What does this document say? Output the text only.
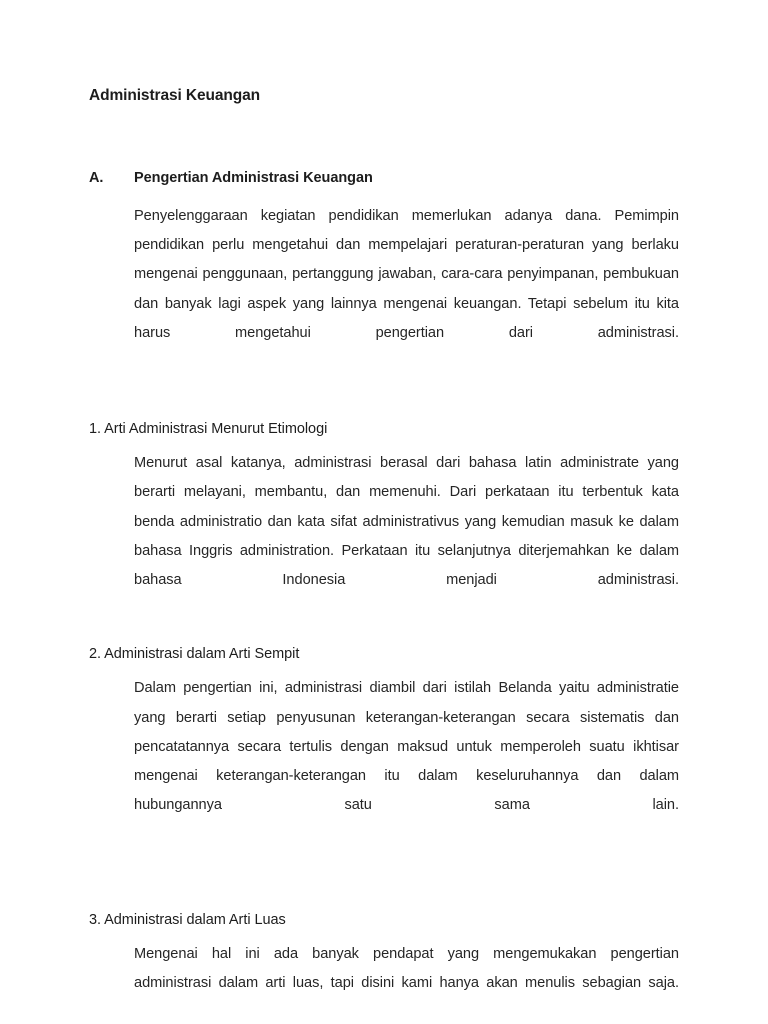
Administrasi Keuangan
A.	Pengertian Administrasi Keuangan

Penyelenggaraan kegiatan pendidikan memerlukan adanya dana. Pemimpin pendidikan perlu mengetahui dan mempelajari peraturan-peraturan yang berlaku mengenai penggunaan, pertanggung jawaban, cara-cara penyimpanan, pembukuan dan banyak lagi aspek yang lainnya mengenai keuangan. Tetapi sebelum itu kita harus mengetahui pengertian dari administrasi.

1. Arti Administrasi Menurut Etimologi

Menurut asal katanya, administrasi berasal dari bahasa latin administrate yang berarti melayani, membantu, dan memenuhi. Dari perkataan itu terbentuk kata benda administratio dan kata sifat administrativus yang kemudian masuk ke dalam bahasa Inggris administration. Perkataan itu selanjutnya diterjemahkan ke dalam bahasa Indonesia menjadi administrasi.

2. Administrasi dalam Arti Sempit

Dalam pengertian ini, administrasi diambil dari istilah Belanda yaitu administratie yang berarti setiap penyusunan keterangan-keterangan secara sistematis dan pencatatannya secara tertulis dengan maksud untuk memperoleh suatu ikhtisar mengenai keterangan-keterangan itu dalam keseluruhannya dan dalam hubungannya satu sama lain.

3. Administrasi dalam Arti Luas

Mengenai hal ini ada banyak pendapat yang mengemukakan pengertian administrasi dalam arti luas, tapi disini kami hanya akan menulis sebagian saja.
